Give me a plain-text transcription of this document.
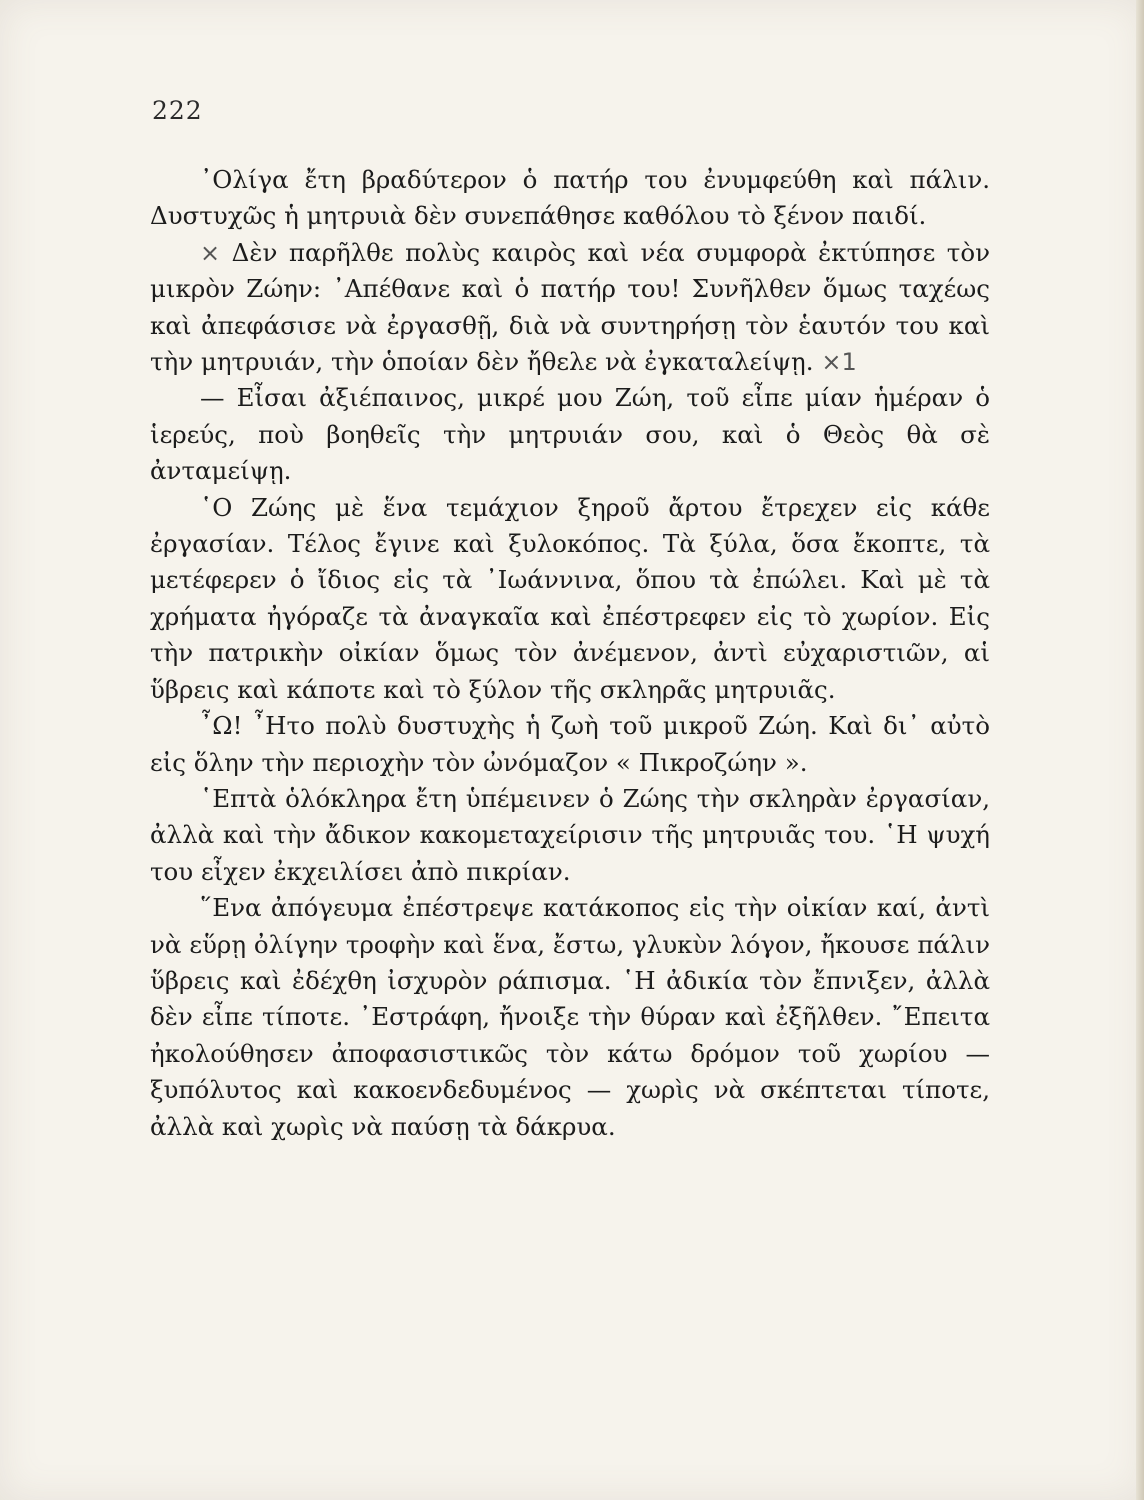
222

᾿Ολίγα ἔτη βραδύτερον ὁ πατήρ του ἐνυμφεύθη καὶ πάλιν. Δυστυχῶς ἡ μητρυιὰ δὲν συνεπάθησε καθόλου τὸ ξένον παιδί.

× Δὲν παρῆλθε πολὺς καιρὸς καὶ νέα συμφορὰ ἐκτύπησε τὸν μικρὸν Ζώην: ᾿Απέθανε καὶ ὁ πατήρ του! Συνῆλθεν ὅμως ταχέως καὶ ἀπεφάσισε νὰ ἐργασθῇ, διὰ νὰ συντηρήσῃ τὸν ἑαυτόν του καὶ τὴν μητρυιάν, τὴν ὁποίαν δὲν ἤθελε νὰ ἐγκαταλείψῃ. ×1

— Εἶσαι ἀξιέπαινος, μικρέ μου Ζώη, τοῦ εἶπε μίαν ἡμέραν ὁ ἱερεύς, ποὺ βοηθεῖς τὴν μητρυιάν σου, καὶ ὁ Θεὸς θὰ σὲ ἀνταμείψῃ.

῾Ο Ζώης μὲ ἕνα τεμάχιον ξηροῦ ἄρτου ἔτρεχεν εἰς κάθε ἐργασίαν. Τέλος ἔγινε καὶ ξυλοκόπος. Τὰ ξύλα, ὅσα ἔκοπτε, τὰ μετέφερεν ὁ ἴδιος εἰς τὰ ᾿Ιωάννινα, ὅπου τὰ ἐπώλει. Καὶ μὲ τὰ χρήματα ἠγόραζε τὰ ἀναγκαῖα καὶ ἐπέστρεφεν εἰς τὸ χωρίον. Εἰς τὴν πατρικὴν οἰκίαν ὅμως τὸν ἀνέμενον, ἀντὶ εὐχαριστιῶν, αἱ ὕβρεις καὶ κάποτε καὶ τὸ ξύλον τῆς σκληρᾶς μητρυιᾶς.

῏Ω! ῏Ητο πολὺ δυστυχὴς ἡ ζωὴ τοῦ μικροῦ Ζώη. Καὶ δι᾿ αὐτὸ εἰς ὅλην τὴν περιοχὴν τὸν ὠνόμαζον « Πικροζώην ».

῾Επτὰ ὁλόκληρα ἔτη ὑπέμεινεν ὁ Ζώης τὴν σκληρὰν ἐργασίαν, ἀλλὰ καὶ τὴν ἄδικον κακομεταχείρισιν τῆς μητρυιᾶς του. ῾Η ψυχή του εἶχεν ἐκχειλίσει ἀπὸ πικρίαν.

῞Ενα ἀπόγευμα ἐπέστρεψε κατάκοπος εἰς τὴν οἰκίαν καί, ἀντὶ νὰ εὕρῃ ὀλίγην τροφὴν καὶ ἕνα, ἔστω, γλυκὺν λόγον, ἤκουσε πάλιν ὕβρεις καὶ ἐδέχθη ἰσχυρὸν ράπισμα. ῾Η ἀδικία τὸν ἔπνιξεν, ἀλλὰ δὲν εἶπε τίποτε. ᾿Εστράφη, ἤνοιξε τὴν θύραν καὶ ἐξῆλθεν. ῎Επειτα ἠκολούθησεν ἀποφασιστικῶς τὸν κάτω δρόμον τοῦ χωρίου — ξυπόλυτος καὶ κακοενδεδυμένος — χωρὶς νὰ σκέπτεται τίποτε, ἀλλὰ καὶ χωρὶς νὰ παύσῃ τὰ δάκρυα.
